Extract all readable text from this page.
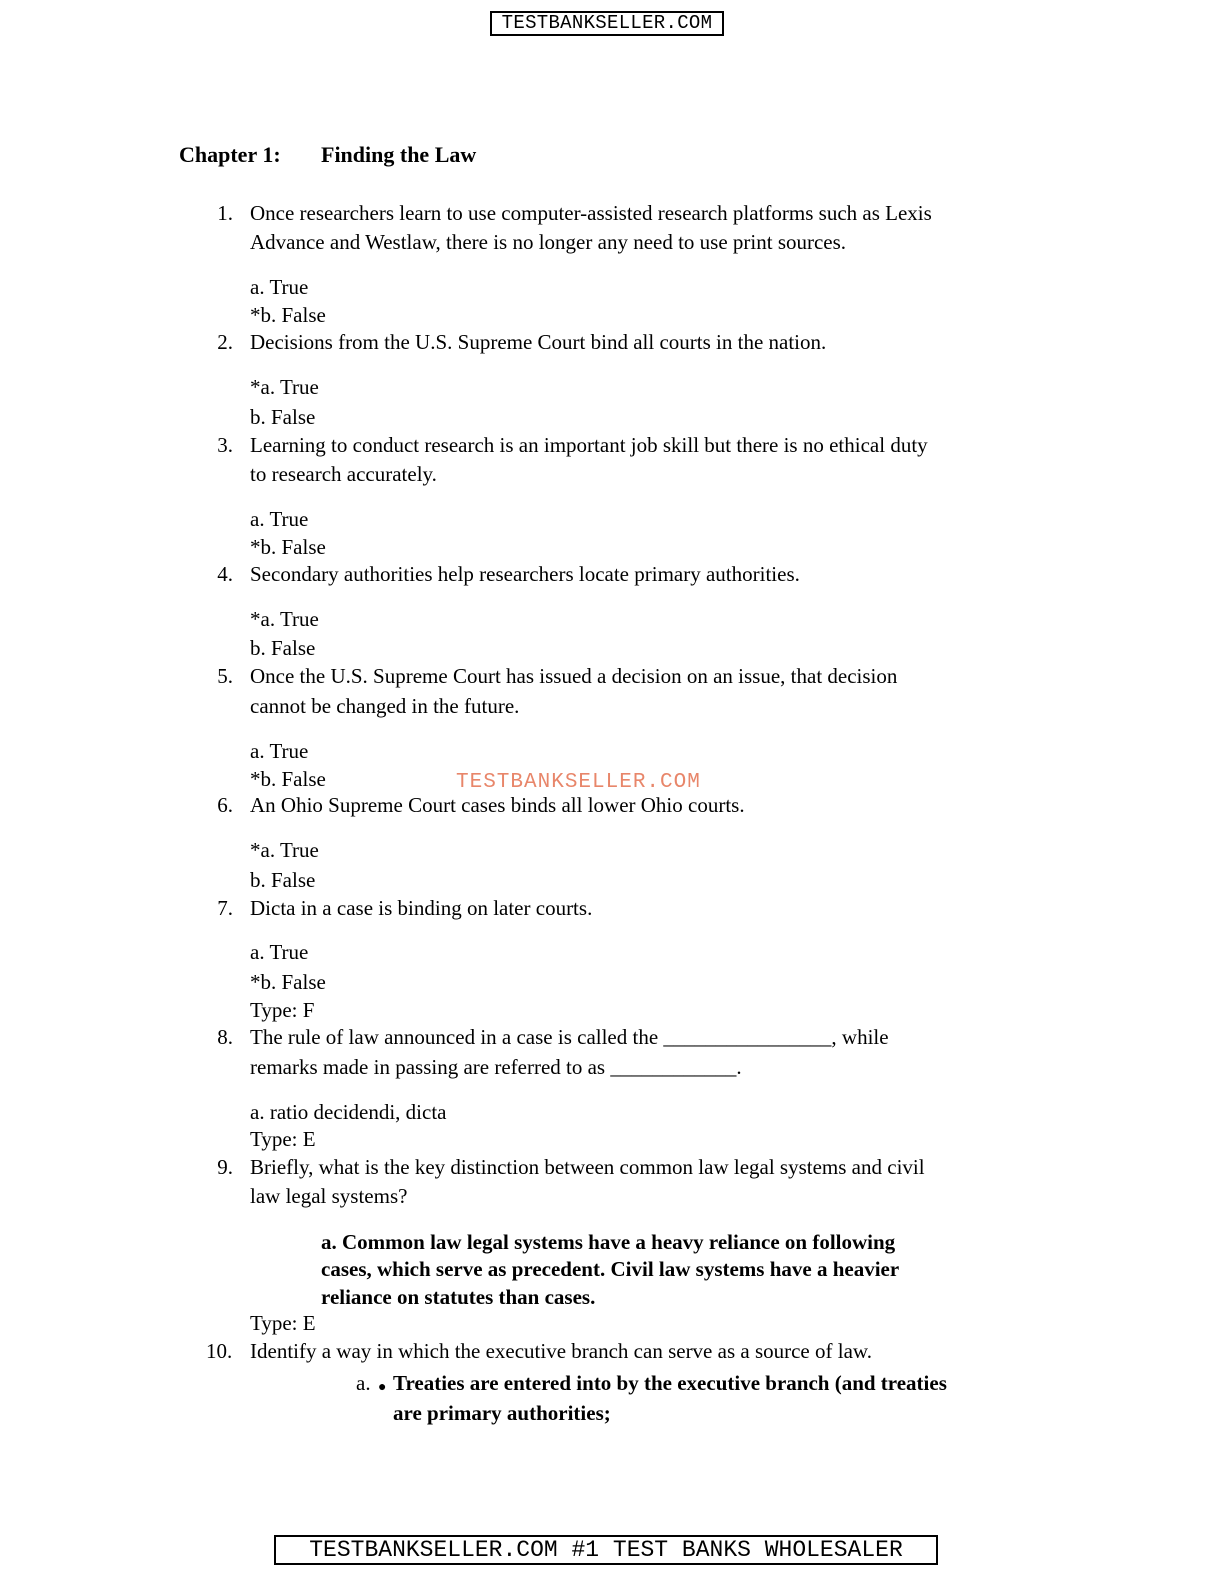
TESTBANKSELLER.COM
Chapter 1: Finding the Law
1. Once researchers learn to use computer-assisted research platforms such as Lexis
Advance and Westlaw, there is no longer any need to use print sources.
a. True
*b. False
2. Decisions from the U.S. Supreme Court bind all courts in the nation.
*a. True
b. False
3. Learning to conduct research is an important job skill but there is no ethical duty
to research accurately.
a. True
*b. False
4. Secondary authorities help researchers locate primary authorities.
*a. True
b. False
5. Once the U.S. Supreme Court has issued a decision on an issue, that decision
cannot be changed in the future.
a. True
*b. False	TESTBANKSELLER.COM
6. An Ohio Supreme Court cases binds all lower Ohio courts.
*a. True
b. False
7. Dicta in a case is binding on later courts.
a. True
*b. False
Type: F
8. The rule of law announced in a case is called the ________________, while
remarks made in passing are referred to as ____________.
a. ratio decidendi, dicta
Type: E
9. Briefly, what is the key distinction between common law legal systems and civil
law legal systems?
a. Common law legal systems have a heavy reliance on following
cases, which serve as precedent. Civil law systems have a heavier
reliance on statutes than cases.
Type: E
10. Identify a way in which the executive branch can serve as a source of law.
a. ● Treaties are entered into by the executive branch (and treaties
are primary authorities;
TESTBANKSELLER.COM #1 TEST BANKS WHOLESALER
